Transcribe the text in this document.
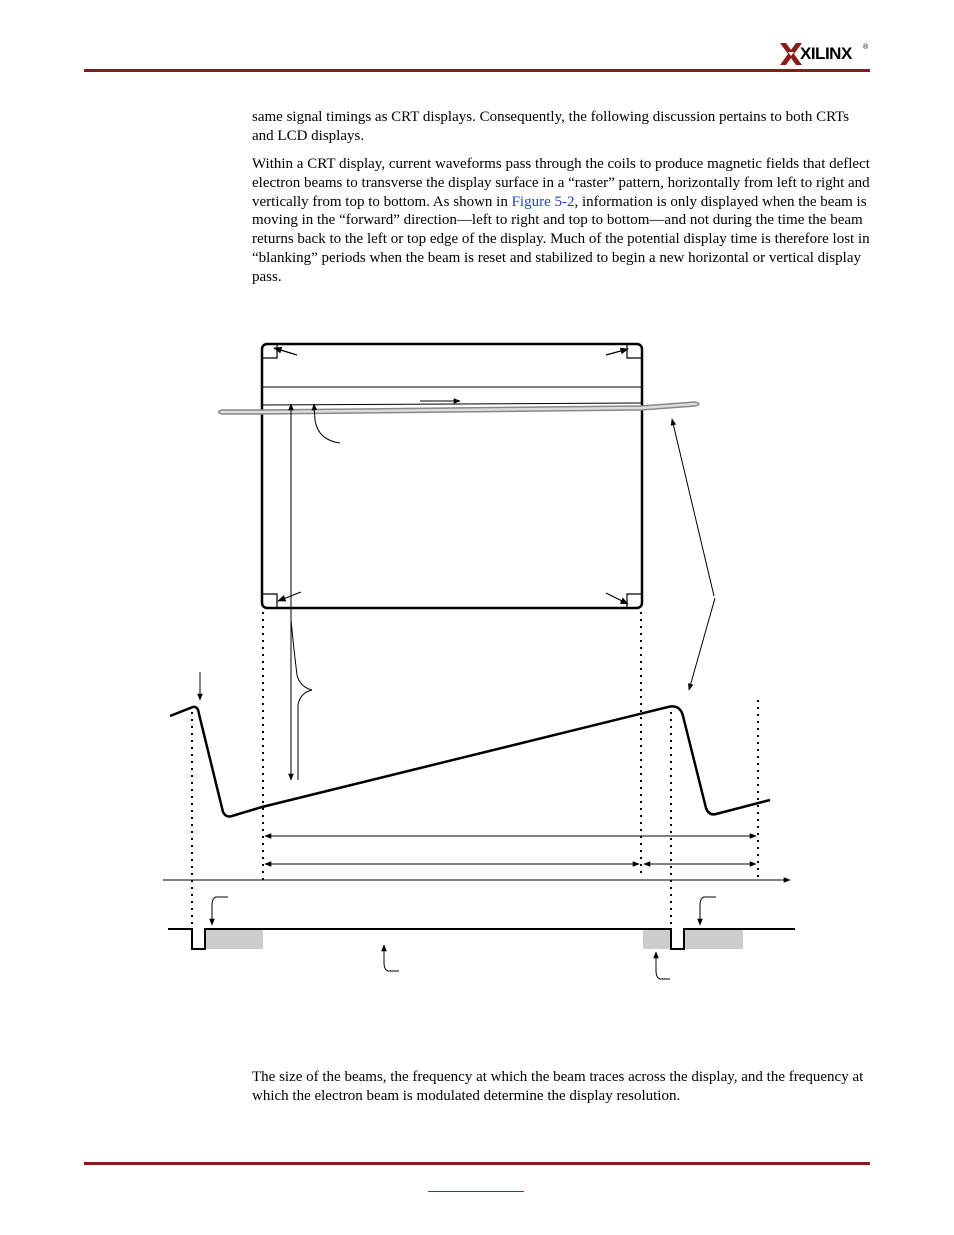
XILINX ®

same signal timings as CRT displays. Consequently, the following discussion pertains to both CRTs and LCD displays.

Within a CRT display, current waveforms pass through the coils to produce magnetic fields that deflect electron beams to transverse the display surface in a “raster” pattern, horizontally from left to right and vertically from top to bottom. As shown in Figure 5-2, information is only displayed when the beam is moving in the “forward” direction—left to right and top to bottom—and not during the time the beam returns back to the left or top edge of the display. Much of the potential display time is therefore lost in “blanking” periods when the beam is reset and stabilized to begin a new horizontal or vertical display pass.

The size of the beams, the frequency at which the beam traces across the display, and the frequency at which the electron beam is modulated determine the display resolution.
